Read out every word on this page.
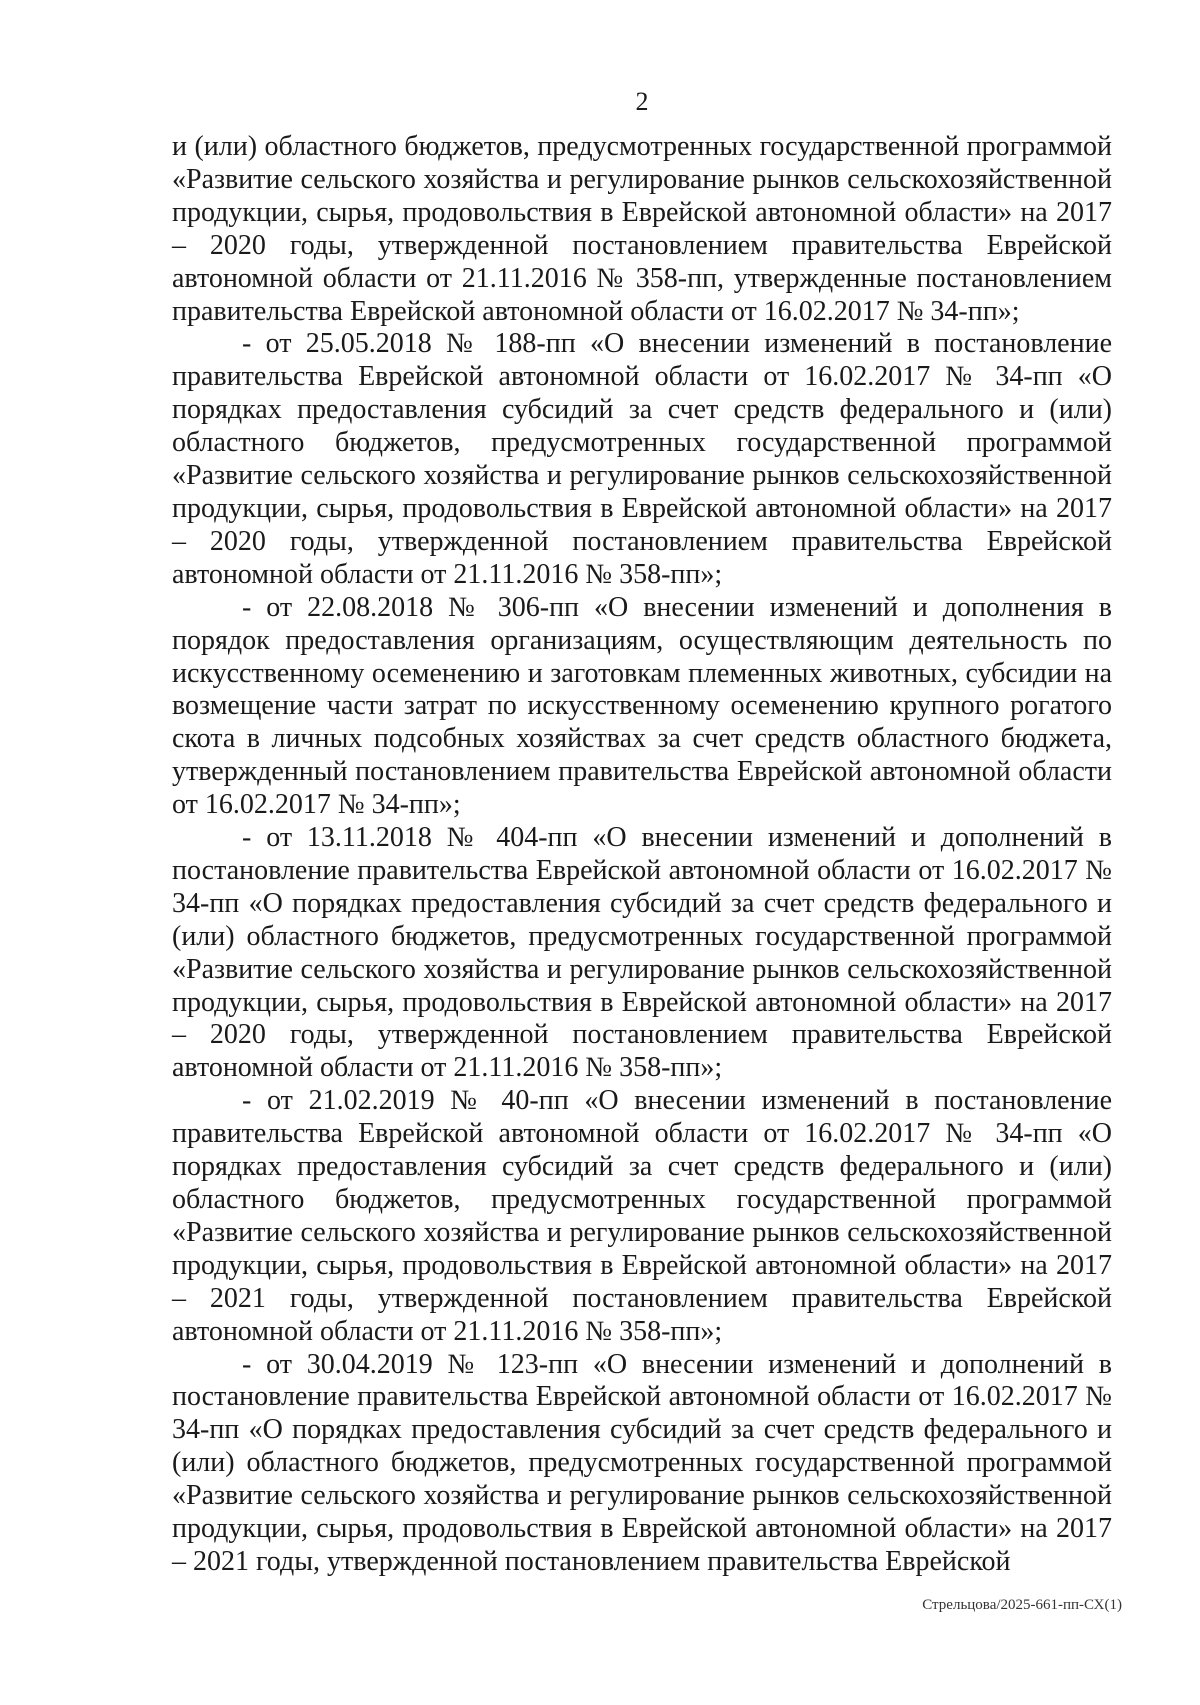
2

и (или) областного бюджетов, предусмотренных государственной программой «Развитие сельского хозяйства и регулирование рынков сельскохозяйственной продукции, сырья, продовольствия в Еврейской автономной области» на 2017 – 2020 годы, утвержденной постановлением правительства Еврейской автономной области от 21.11.2016 № 358-пп, утвержденные постановлением правительства Еврейской автономной области от 16.02.2017 № 34-пп»;

- от 25.05.2018 № 188-пп «О внесении изменений в постановление правительства Еврейской автономной области от 16.02.2017 № 34-пп «О порядках предоставления субсидий за счет средств федерального и (или) областного бюджетов, предусмотренных государственной программой «Развитие сельского хозяйства и регулирование рынков сельскохозяйственной продукции, сырья, продовольствия в Еврейской автономной области» на 2017 – 2020 годы, утвержденной постановлением правительства Еврейской автономной области от 21.11.2016 № 358-пп»;

- от 22.08.2018 № 306-пп «О внесении изменений и дополнения в порядок предоставления организациям, осуществляющим деятельность по искусственному осеменению и заготовкам племенных животных, субсидии на возмещение части затрат по искусственному осеменению крупного рогатого скота в личных подсобных хозяйствах за счет средств областного бюджета, утвержденный постановлением правительства Еврейской автономной области от 16.02.2017 № 34-пп»;

- от 13.11.2018 № 404-пп «О внесении изменений и дополнений в постановление правительства Еврейской автономной области от 16.02.2017 № 34-пп «О порядках предоставления субсидий за счет средств федерального и (или) областного бюджетов, предусмотренных государственной программой «Развитие сельского хозяйства и регулирование рынков сельскохозяйственной продукции, сырья, продовольствия в Еврейской автономной области» на 2017 – 2020 годы, утвержденной постановлением правительства Еврейской автономной области от 21.11.2016 № 358-пп»;

- от 21.02.2019 № 40-пп «О внесении изменений в постановление правительства Еврейской автономной области от 16.02.2017 № 34-пп «О порядках предоставления субсидий за счет средств федерального и (или) областного бюджетов, предусмотренных государственной программой «Развитие сельского хозяйства и регулирование рынков сельскохозяйственной продукции, сырья, продовольствия в Еврейской автономной области» на 2017 – 2021 годы, утвержденной постановлением правительства Еврейской автономной области от 21.11.2016 № 358-пп»;

- от 30.04.2019 № 123-пп «О внесении изменений и дополнений в постановление правительства Еврейской автономной области от 16.02.2017 № 34-пп «О порядках предоставления субсидий за счет средств федерального и (или) областного бюджетов, предусмотренных государственной программой «Развитие сельского хозяйства и регулирование рынков сельскохозяйственной продукции, сырья, продовольствия в Еврейской автономной области» на 2017 – 2021 годы, утвержденной постановлением правительства Еврейской

Стрельцова/2025-661-пп-СХ(1)
